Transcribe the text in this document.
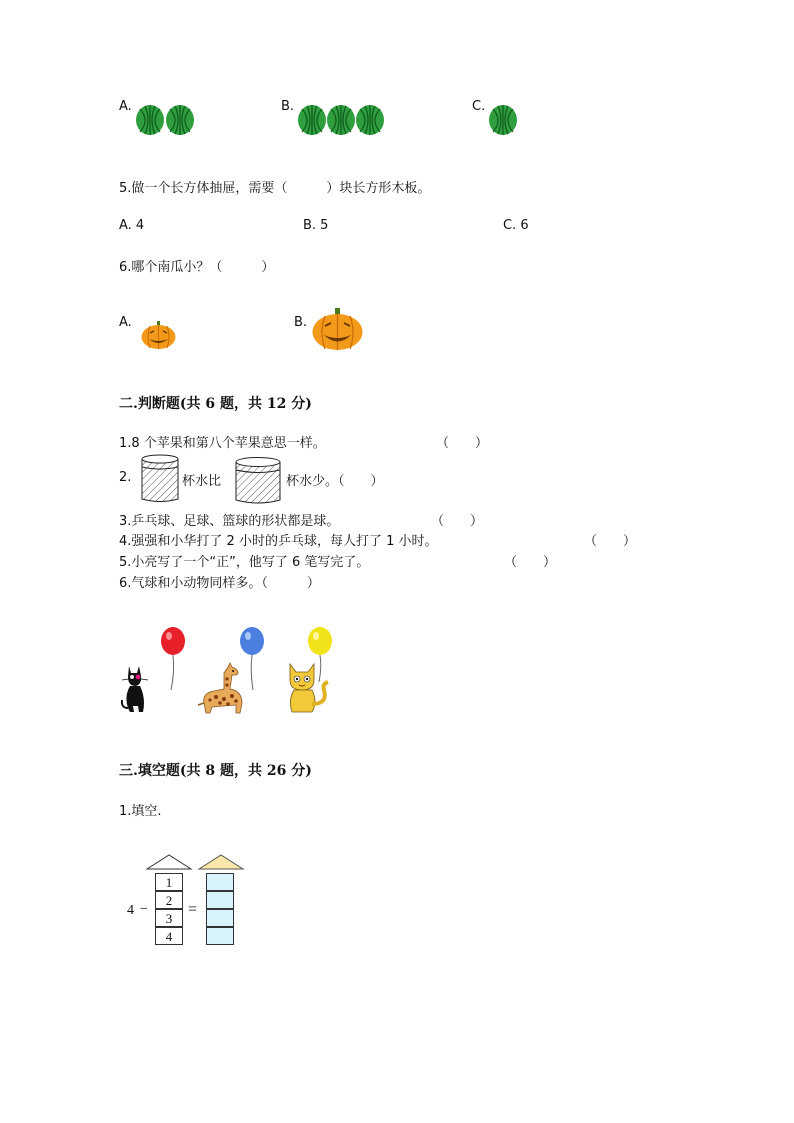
A.	B.	C.
5.做一个长方体抽屉，需要（　　　）块长方形木板。
A. 4	B. 5	C. 6
6.哪个南瓜小？（　　　）
A.	B.
二.判断题(共 6 题，共 12 分)
1.8 个苹果和第八个苹果意思一样。	（　　）
2.	杯水比	杯水少。（　　）
3.乒乓球、足球、篮球的形状都是球。	（　　）
4.强强和小华打了 2 小时的乒乓球，每人打了 1 小时。	（　　）
5.小亮写了一个“正”，他写了 6 笔写完了。	（　　）
6.气球和小动物同样多。（　　　）
三.填空题(共 8 题，共 26 分)
1.填空.
1
2
3
4
4 −	=
